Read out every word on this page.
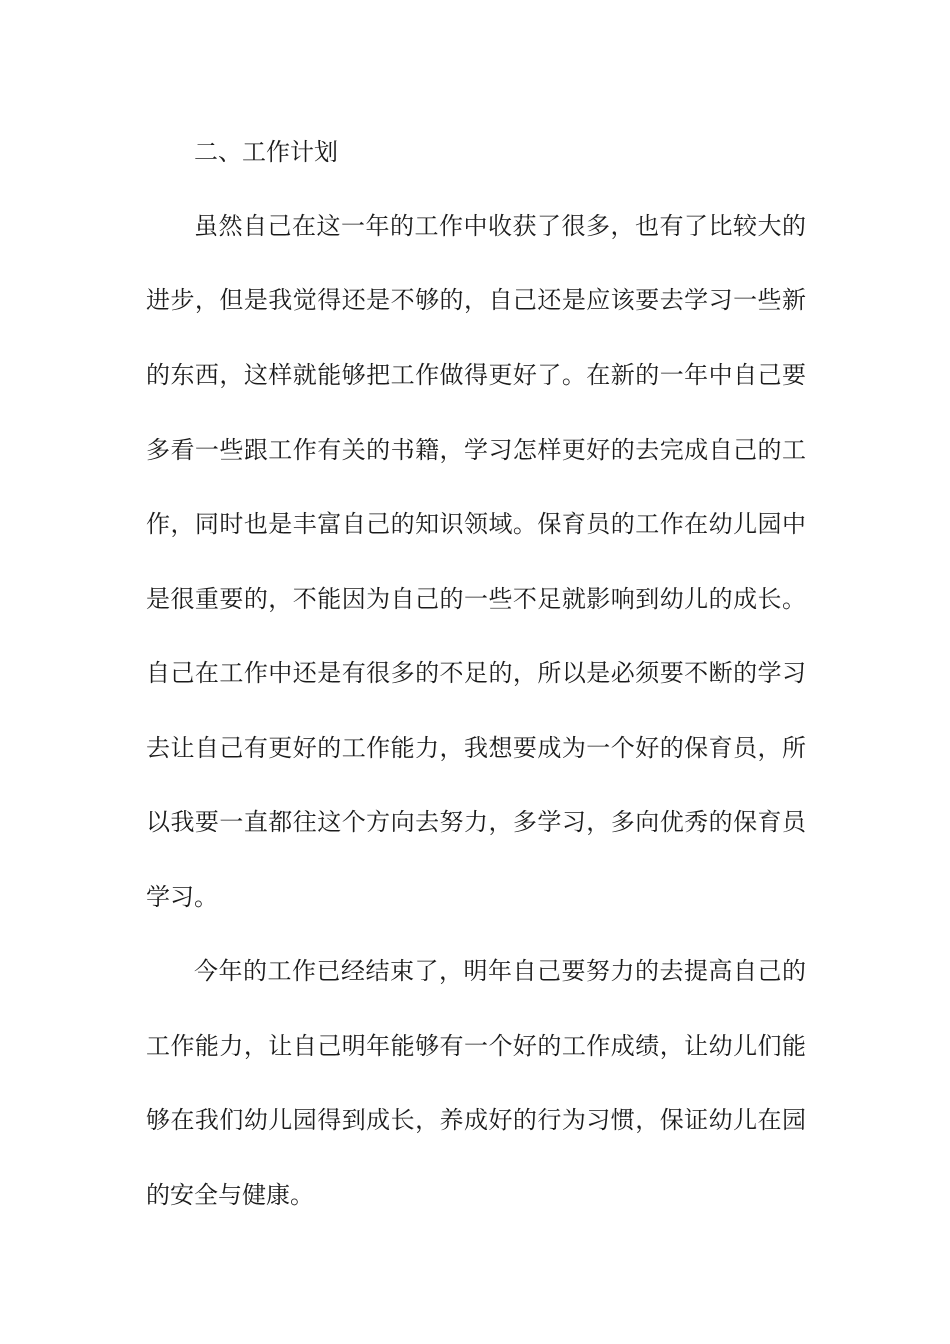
二、工作计划
虽然自己在这一年的工作中收获了很多，也有了比较大的
进步，但是我觉得还是不够的，自己还是应该要去学习一些新
的东西，这样就能够把工作做得更好了。在新的一年中自己要
多看一些跟工作有关的书籍，学习怎样更好的去完成自己的工
作，同时也是丰富自己的知识领域。保育员的工作在幼儿园中
是很重要的，不能因为自己的一些不足就影响到幼儿的成长。
自己在工作中还是有很多的不足的，所以是必须要不断的学习
去让自己有更好的工作能力，我想要成为一个好的保育员，所
以我要一直都往这个方向去努力，多学习，多向优秀的保育员
学习。
今年的工作已经结束了，明年自己要努力的去提高自己的
工作能力，让自己明年能够有一个好的工作成绩，让幼儿们能
够在我们幼儿园得到成长，养成好的行为习惯，保证幼儿在园
的安全与健康。
